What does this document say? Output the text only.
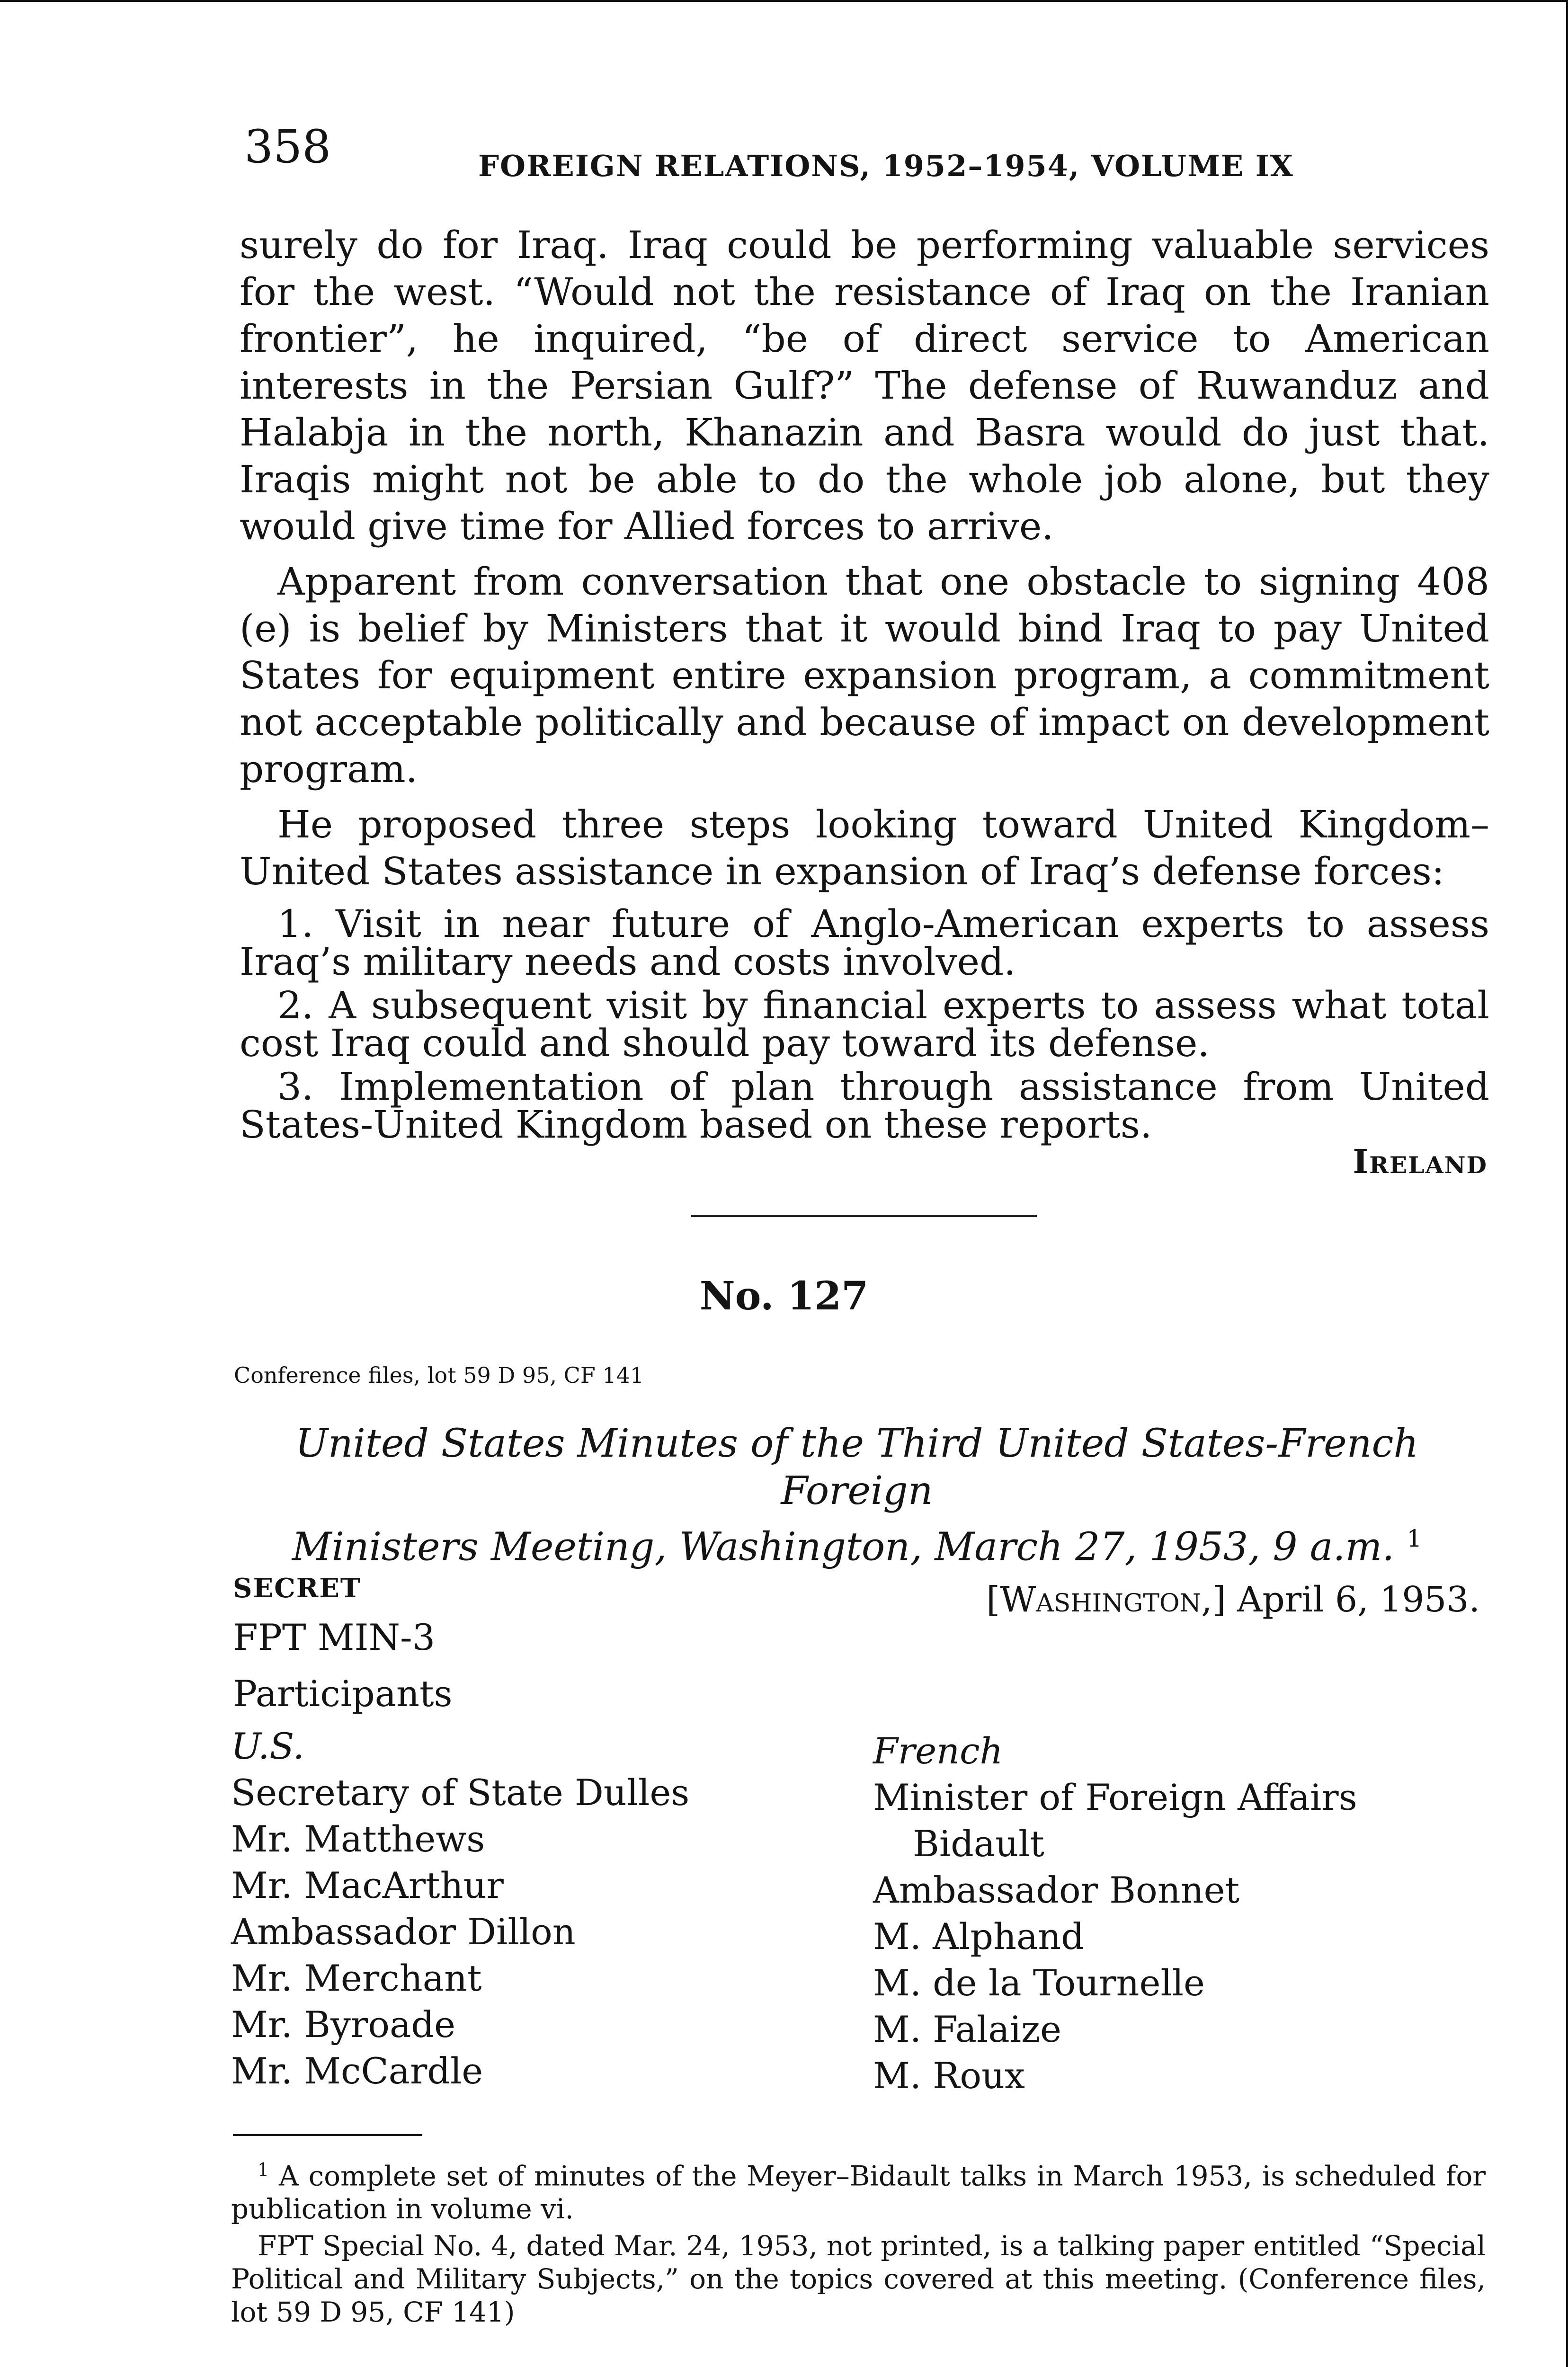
358	FOREIGN RELATIONS, 1952–1954, VOLUME IX

surely do for Iraq. Iraq could be performing valuable services for the west. “Would not the resistance of Iraq on the Iranian frontier”, he inquired, “be of direct service to American interests in the Persian Gulf?” The defense of Ruwanduz and Halabja in the north, Khanazin and Basra would do just that. Iraqis might not be able to do the whole job alone, but they would give time for Allied forces to arrive.

Apparent from conversation that one obstacle to signing 408 (e) is belief by Ministers that it would bind Iraq to pay United States for equipment entire expansion program, a commitment not acceptable politically and because of impact on development program.

He proposed three steps looking toward United Kingdom–United States assistance in expansion of Iraq’s defense forces:

1. Visit in near future of Anglo-American experts to assess Iraq’s military needs and costs involved.

2. A subsequent visit by financial experts to assess what total cost Iraq could and should pay toward its defense.

3. Implementation of plan through assistance from United States-United Kingdom based on these reports.

Ireland
No. 127
Conference files, lot 59 D 95, CF 141
United States Minutes of the Third United States-French Foreign
Ministers Meeting, Washington, March 27, 1953, 9 a.m. $^1$
SECRET	[Washington,] April 6, 1953.
FPT MIN-3
Participants
U.S.
Secretary of State Dulles
Mr. Matthews
Mr. MacArthur
Ambassador Dillon
Mr. Merchant
Mr. Byroade
Mr. McCardle
French
Minister of Foreign Affairs
Bidault
Ambassador Bonnet
M. Alphand
M. de la Tournelle
M. Falaize
M. Roux

$^1$ A complete set of minutes of the Meyer–Bidault talks in March 1953, is scheduled for publication in volume vi.

FPT Special No. 4, dated Mar. 24, 1953, not printed, is a talking paper entitled “Special Political and Military Subjects,” on the topics covered at this meeting. (Conference files, lot 59 D 95, CF 141)
